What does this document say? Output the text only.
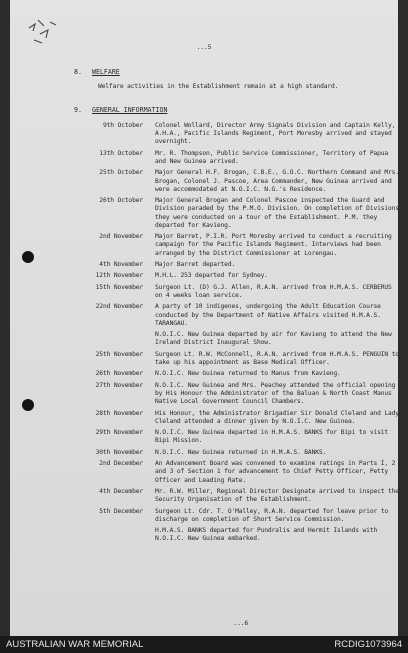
...5
8. WELFARE
Welfare activities in the Establishment remain at a high standard.
9. GENERAL INFORMATION
9th October Colonel Wollard, Director Army Signals Division and Captain Kelly, A.H.A., Pacific Islands Regiment, Port Moresby arrived and stayed overnight.
13th October Mr. R. Thompson, Public Service Commissioner, Territory of Papua and New Guinea arrived.
25th October Major General H.F. Brogan, C.B.E., G.O.C. Northern Command and Mrs. Brogan, Colonel J. Pascoe, Area Commander, New Guinea arrived and were accommodated at N.O.I.C. N.G.'s Residence.
26th October Major General Brogan and Colonel Pascoe inspected the Guard and Division paraded by the P.M.O. Division. On completion of Divisions they were conducted on a tour of the Establishment. P.M. they departed for Kavieng.
2nd November Major Barret, P.I.R. Port Moresby arrived to conduct a recruiting campaign for the Pacific Islands Regiment. Interviews had been arranged by the District Commissioner at Lorengau.
4th November Major Barret departed.
12th November M.H.L. 253 departed for Sydney.
15th November Surgeon Lt. (D) G.J. Allen, R.A.N. arrived from H.M.A.S. CERBERUS on 4 weeks loan service.
22nd November A party of 10 indigenes, undergoing the Adult Education Course conducted by the Department of Native Affairs visited H.M.A.S. TARANGAU.
N.O.I.C. New Guinea departed by air for Kavieng to attend the New Ireland District Inaugural Show.
25th November Surgeon Lt. R.W. McConnell, R.A.N. arrived from H.M.A.S. PENGUIN to take up his appointment as Base Medical Officer.
26th November N.O.I.C. New Guinea returned to Manus from Kavieng.
27th November N.O.I.C. New Guinea and Mrs. Peachey attended the official opening by His Honour the Administrator of the Baluan & North Coast Manus Native Local Government Council Chambers.
28th November His Honour, the Administrator Brigadier Sir Donald Cleland and Lady Cleland attended a dinner given by N.O.I.C. New Guinea.
29th November N.O.I.C. New Guinea departed in H.M.A.S. BANKS for Bipi to visit Bipi Mission.
30th November N.O.I.C. New Guinea returned in H.M.A.S. BANKS.
2nd December An Advancement Board was convened to examine ratings in Parts I, 2 and 3 of Section 1 for advancement to Chief Petty Officer, Petty Officer and Leading Rate.
4th December Mr. R.W. Miller, Regional Director Designate arrived to inspect the Security Organisation of the Establishment.
5th December Surgeon Lt. Cdr. T. O'Malley, R.A.N. departed for leave prior to discharge on completion of Short Service Commission.
H.M.A.S. BANKS departed for Pundralis and Hermit Islands with N.O.I.C. New Guinea embarked.
...6
AUSTRALIAN WAR MEMORIAL	RCDIG1073964
